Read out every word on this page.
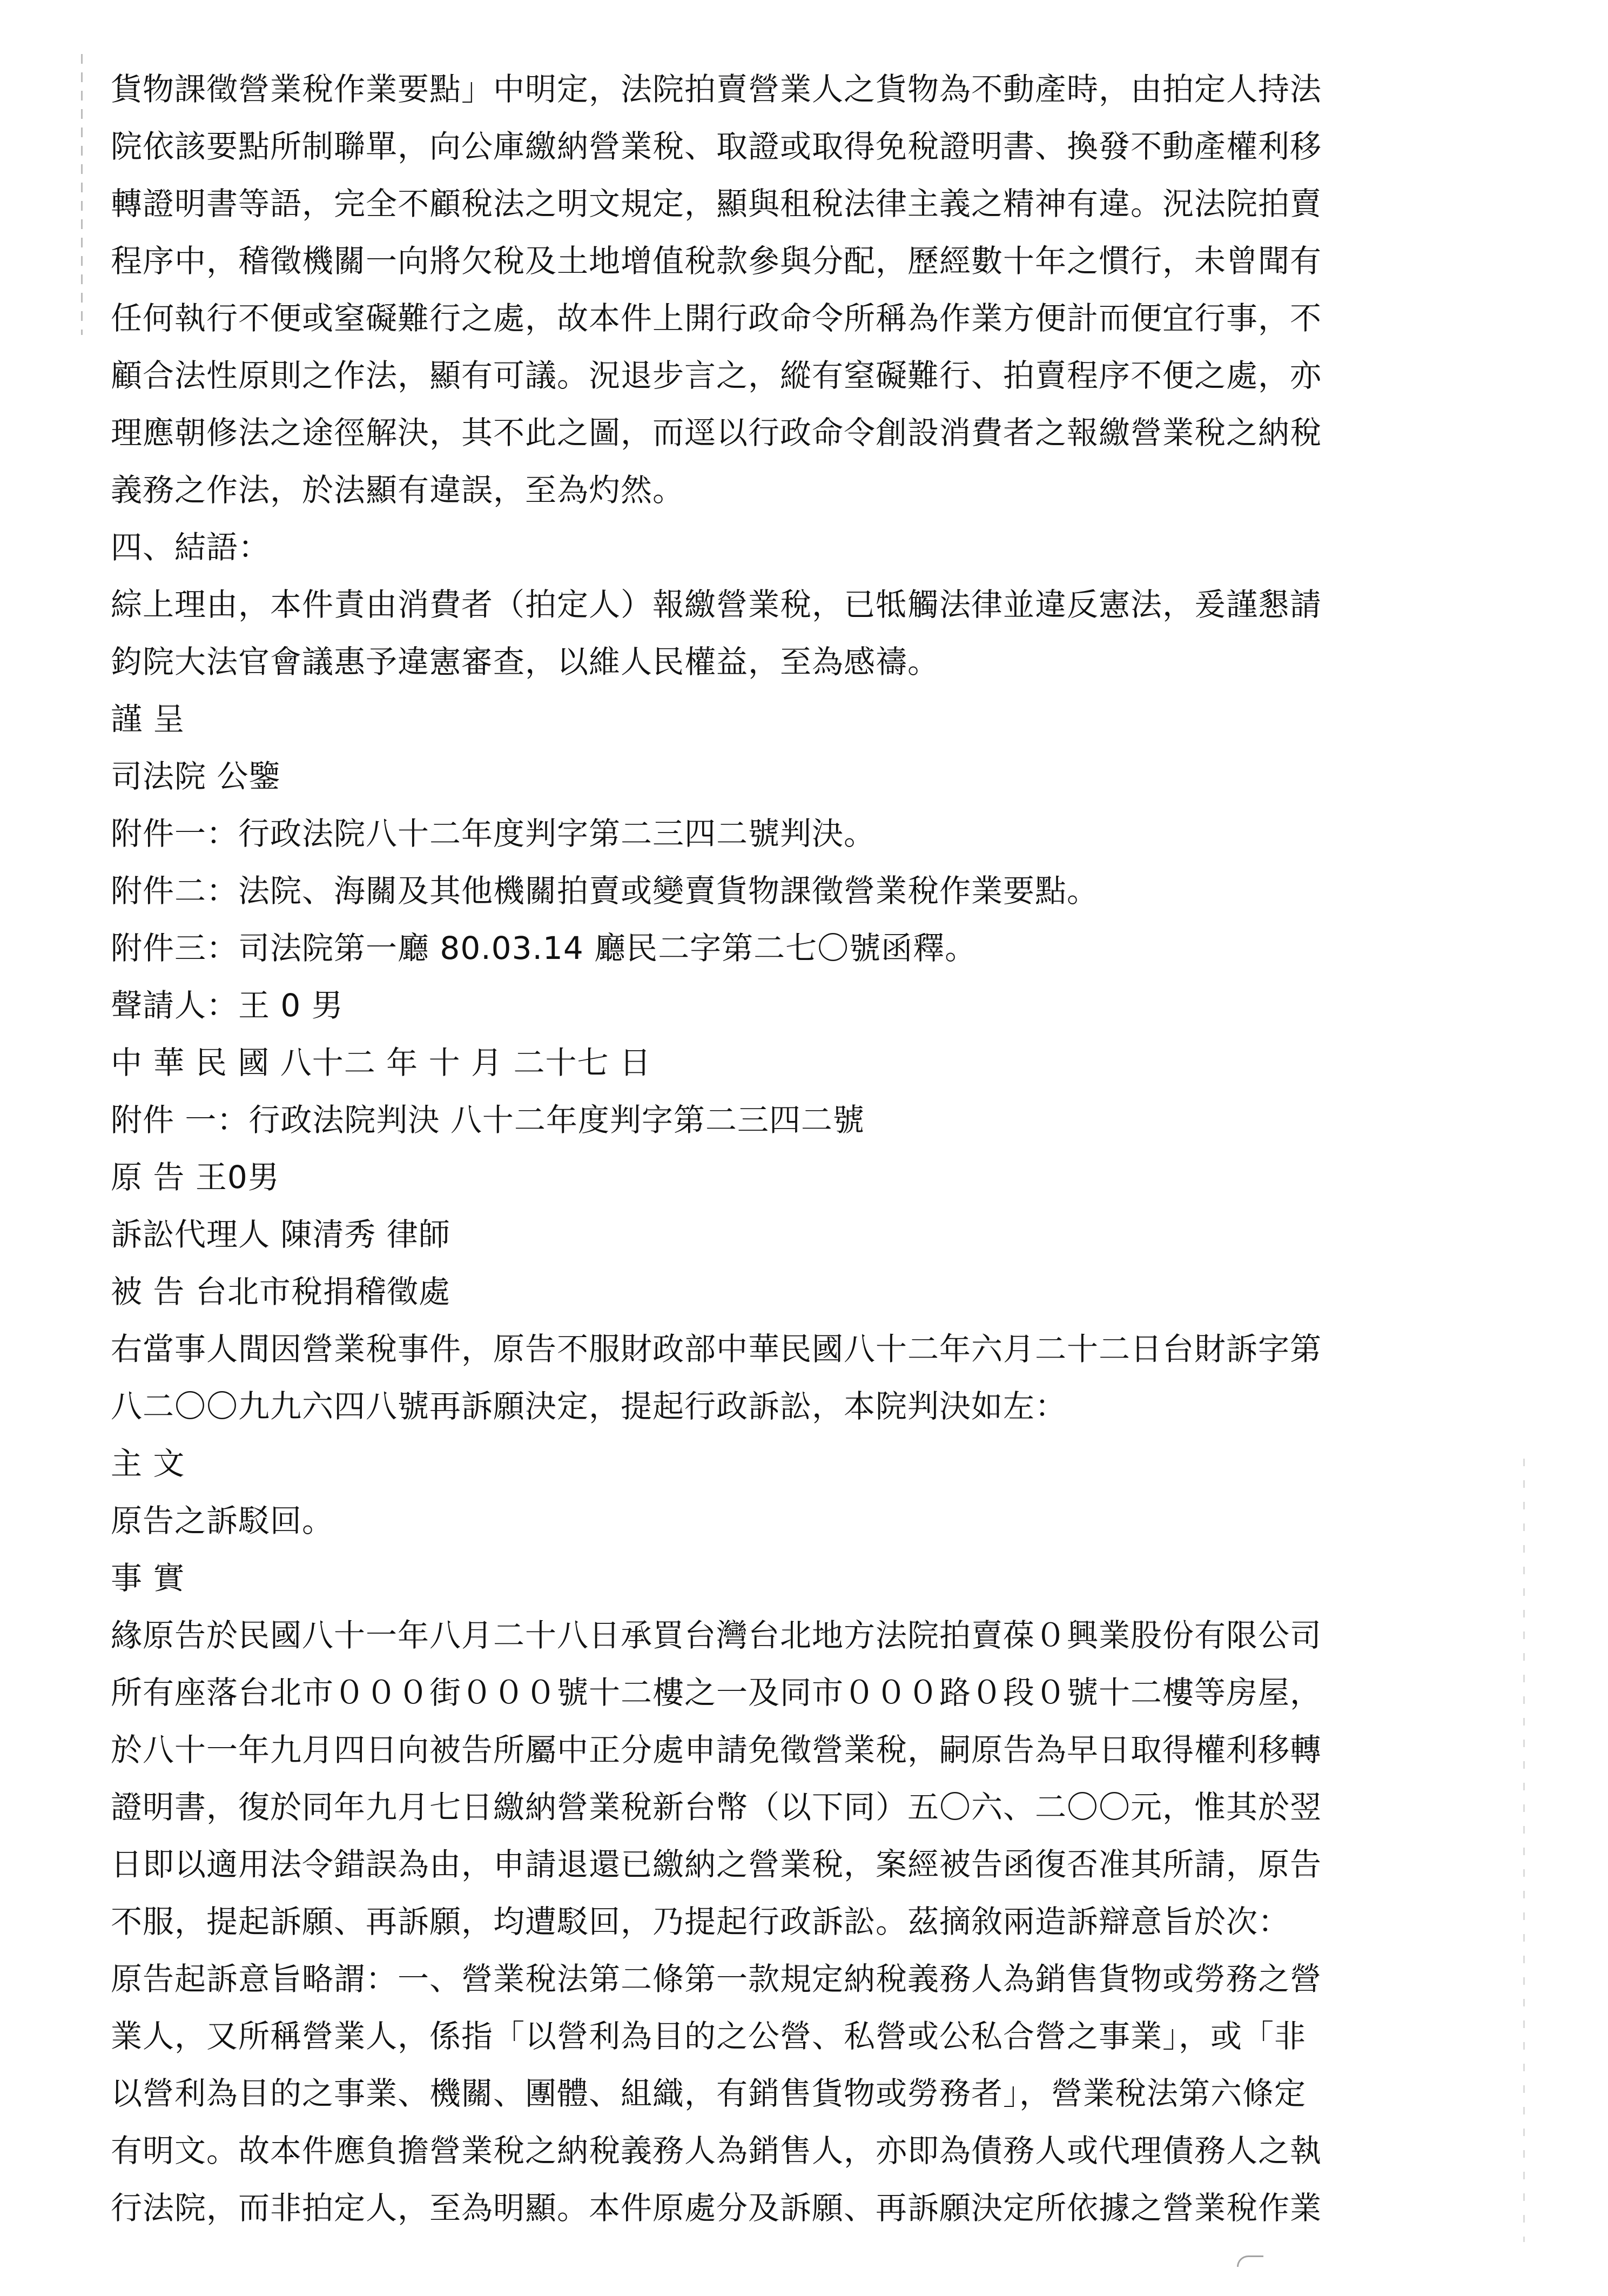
貨物課徵營業稅作業要點」中明定，法院拍賣營業人之貨物為不動產時，由拍定人持法
院依該要點所制聯單，向公庫繳納營業稅、取證或取得免稅證明書、換發不動產權利移
轉證明書等語，完全不顧稅法之明文規定，顯與租稅法律主義之精神有違。況法院拍賣
程序中，稽徵機關一向將欠稅及土地增值稅款參與分配，歷經數十年之慣行，未曾聞有
任何執行不便或窒礙難行之處，故本件上開行政命令所稱為作業方便計而便宜行事，不
顧合法性原則之作法，顯有可議。況退步言之，縱有窒礙難行、拍賣程序不便之處，亦
理應朝修法之途徑解決，其不此之圖，而逕以行政命令創設消費者之報繳營業稅之納稅
義務之作法，於法顯有違誤，至為灼然。
四、結語：
綜上理由，本件責由消費者（拍定人）報繳營業稅，已牴觸法律並違反憲法，爰謹懇請
鈞院大法官會議惠予違憲審查，以維人民權益，至為感禱。
謹 呈
司法院 公鑒
附件一：行政法院八十二年度判字第二三四二號判決。
附件二：法院、海關及其他機關拍賣或變賣貨物課徵營業稅作業要點。
附件三：司法院第一廳 80.03.14 廳民二字第二七〇號函釋。
聲請人：王 0 男
中 華 民 國 八十二 年 十 月 二十七 日
附件 一：行政法院判決 八十二年度判字第二三四二號
原 告 王0男
訴訟代理人 陳清秀 律師
被 告 台北市稅捐稽徵處
右當事人間因營業稅事件，原告不服財政部中華民國八十二年六月二十二日台財訴字第
八二〇〇九九六四八號再訴願決定，提起行政訴訟，本院判決如左：
主 文
原告之訴駁回。
事 實
緣原告於民國八十一年八月二十八日承買台灣台北地方法院拍賣葆０興業股份有限公司
所有座落台北市０００街０００號十二樓之一及同市０００路０段０號十二樓等房屋，
於八十一年九月四日向被告所屬中正分處申請免徵營業稅，嗣原告為早日取得權利移轉
證明書，復於同年九月七日繳納營業稅新台幣（以下同）五〇六、二〇〇元，惟其於翌
日即以適用法令錯誤為由，申請退還已繳納之營業稅，案經被告函復否准其所請，原告
不服，提起訴願、再訴願，均遭駁回，乃提起行政訴訟。茲摘敘兩造訴辯意旨於次：
原告起訴意旨略謂：一、營業稅法第二條第一款規定納稅義務人為銷售貨物或勞務之營
業人，又所稱營業人，係指「以營利為目的之公營、私營或公私合營之事業」，或「非
以營利為目的之事業、機關、團體、組織，有銷售貨物或勞務者」，營業稅法第六條定
有明文。故本件應負擔營業稅之納稅義務人為銷售人，亦即為債務人或代理債務人之執
行法院，而非拍定人，至為明顯。本件原處分及訴願、再訴願決定所依據之營業稅作業
